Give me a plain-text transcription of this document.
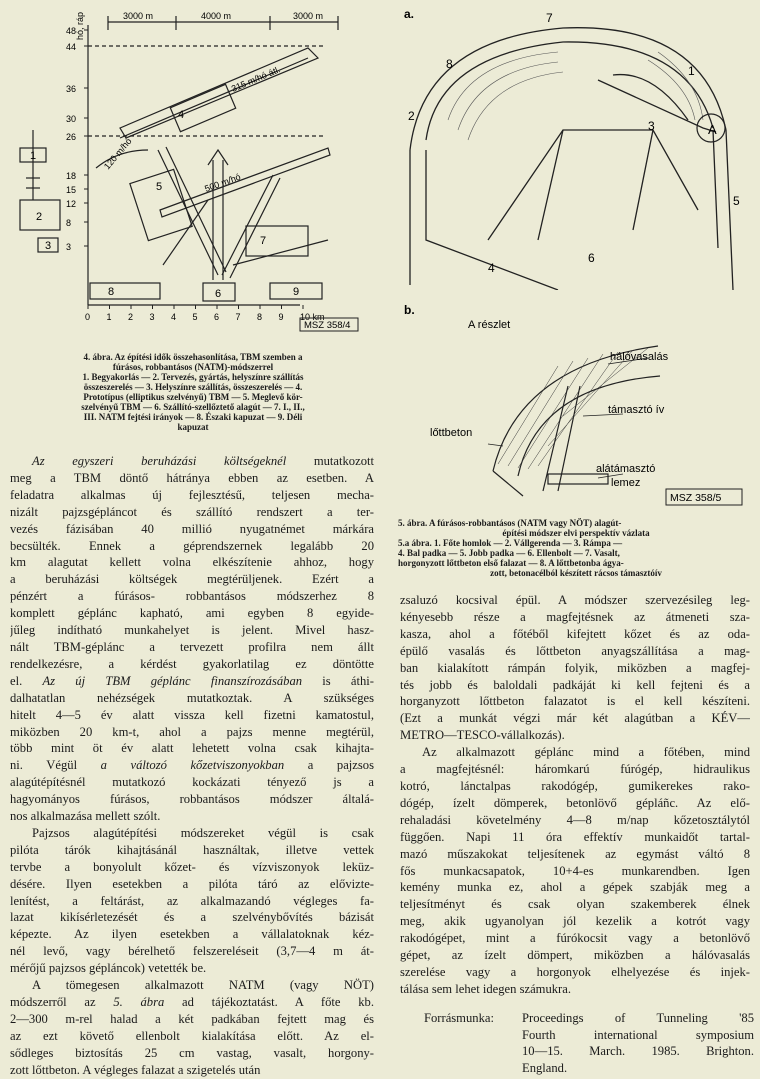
48
44
36
30
26
18
15
12
8
3
0 1 2 3 4 5 6 7 8 9 10 km
hó, ráp	3000 m	4000 m	3000 m
315 m/hó átl.
500 m/hó
120 m/hó
1
2
3
4
5
6
7
8	9
MSZ 358/4
4. ábra. Az építési idők összehasonlítása, TBM szemben a
fúrásos, robbantásos (NATM)-módszerrel
1. Begyakorlás — 2. Tervezés, gyártás, helyszínre szállítás
összeszerelés — 3. Helyszínre szállítás, összeszerelés — 4.
Prototípus (elliptikus szelvényű) TBM — 5. Meglevő kör-
szelvényű TBM — 6. Szállító-szellőztető alagút — 7. I., II.,
III. NATM fejtési irányok — 8. Északi kapuzat — 9. Déli
kapuzat
Az egyszeri beruházási költségeknél mutatkozott
meg a TBM döntő hátránya ebben az esetben. A
feladatra alkalmas új fejlesztésű, teljesen mecha-
nizált pajzsgépláncot és szállító rendszert a ter-
vezés fázisában 40 millió nyugatnémet márkára
becsülték. Ennek a géprendszernek legalább 20
km alagutat kellett volna elkészítenie ahhoz, hogy
a beruházási költségek megtérüljenek. Ezért a
pénzért a fúrásos- robbantásos módszerhez 8
komplett géplánc kapható, ami egyben 8 egyide-
jűleg indítható munkahelyet is jelent. Mivel hasz-
nált TBM-géplánc a tervezett profilra nem állt
rendelkezésre, a kérdést gyakorlatilag ez döntötte
el. Az új TBM géplánc finanszírozásában is áthi-
dalhatatlan nehézségek mutatkoztak. A szükséges
hitelt 4—5 év alatt vissza kell fizetni kamatostul,
miközben 20 km-t, ahol a pajzs menne megtérül,
több mint öt év alatt lehetett volna csak kihajta-
ni. Végül a változó kőzetviszonyokban a pajzsos
alagútépítésnél mutatkozó kockázati tényező js a
hagyományos fúrásos, robbantásos módszer általá-
nos alkalmazása mellett szólt.
Pajzsos alagútépítési módszereket végül is csak
pilóta tárók kihajtásánál használtak, illetve vettek
tervbe a bonyolult kőzet- és vízviszonyok leküz-
désére. Ilyen esetekben a pilóta táró az előviztе-
lenítést, a feltárást, az alkalmazandó végleges fa-
lazat kikísérletezését és a szelvénybővítés bázisát
képezte. Az ilyen esetekben a vállalatoknak kéz-
nél levő, vagy bérelhető felszereléseit (3,7—4 m át-
mérőjű pajzsos gépláncok) vetették be.
A tömegesen alkalmazott NATM (vagy NÖT)
módszerről az 5. ábra ad tájékoztatást. A főte kb.
2—300 m-rel halad a két padkában fejtett mag és
az ezt követő ellenbolt kialakítása előtt. Az el-
sődleges biztosítás 25 cm vastag, vasalt, horgony-
zott lőttbeton. A végleges falazat a szigetelés után
a.
A
7
1
8
2
3
4
5
6
b.
A részlet
hálóvasalás
támasztó ív
lőttbeton
alátámasztó
lemez
MSZ 358/5
5. ábra. A fúrásos-robbantásos (NATM vagy NÖT) alagút-
építési módszer elvi perspektív vázlata
5.a ábra. 1. Főte homlok — 2. Vállgerenda — 3. Rámpa —
4. Bal padka — 5. Jobb padka — 6. Ellenbolt — 7. Vasalt,
horgonyzott lőttbeton első falazat — 8. A lőttbetonba ágya-
zott, betonacélból készített rácsos támasztóív
zsaluzó kocsival épül. A módszer szervezésileg leg-
kényesebb része a magfejtésnek az átmeneti sza-
kasza, ahol a főtéből kifejtett kőzet és az oda-
épülő vasalás és lőttbeton anyagszállítása a mag-
ban kialakított rámpán folyik, miközben a magfej-
tés jobb és baloldali padkáját ki kell fejteni és a
horganyzott lőttbeton falazatot is el kell készíteni.
(Ezt a munkát végzi már két alagútban a KÉV—
METRO—TESCO-vállalkozás).
Az alkalmazott géplánc mind a főtében, mind
a magfejtésnél: háromkarú fúrógép, hidraulikus
kotró, lánctalpas rakodógép, gumikerekes rako-
dógép, ízelt dömperek, betonlövő gépláñc. Az elő-
rehaladási követelmény 4—8 m/nap kőzetosztálytól
függően. Napi 11 óra effektív munkaidőt tartal-
mazó műszakokat teljesítenek az egymást váltó 8
fős munkacsapatok, 10+4-es munkarendben. Igen
kemény munka ez, ahol a gépek szabják meg a
teljesítményt és csak olyan szakemberek élnek
meg, akik ugyanolyan jól kezelik a kotrót vagy
rakodógépet, mint a fúrókocsit vagy a betonlövő
gépet, az ízelt dömpert, miközben a hálóvasalás
szerelése vagy a horgonyok elhelyezése és injek-
tálása sem lehet idegen számukra.
Forrásmunka: Proceedings of Tunneling '85
Fourth international symposium
10—15. March. 1985. Brighton.
England.
